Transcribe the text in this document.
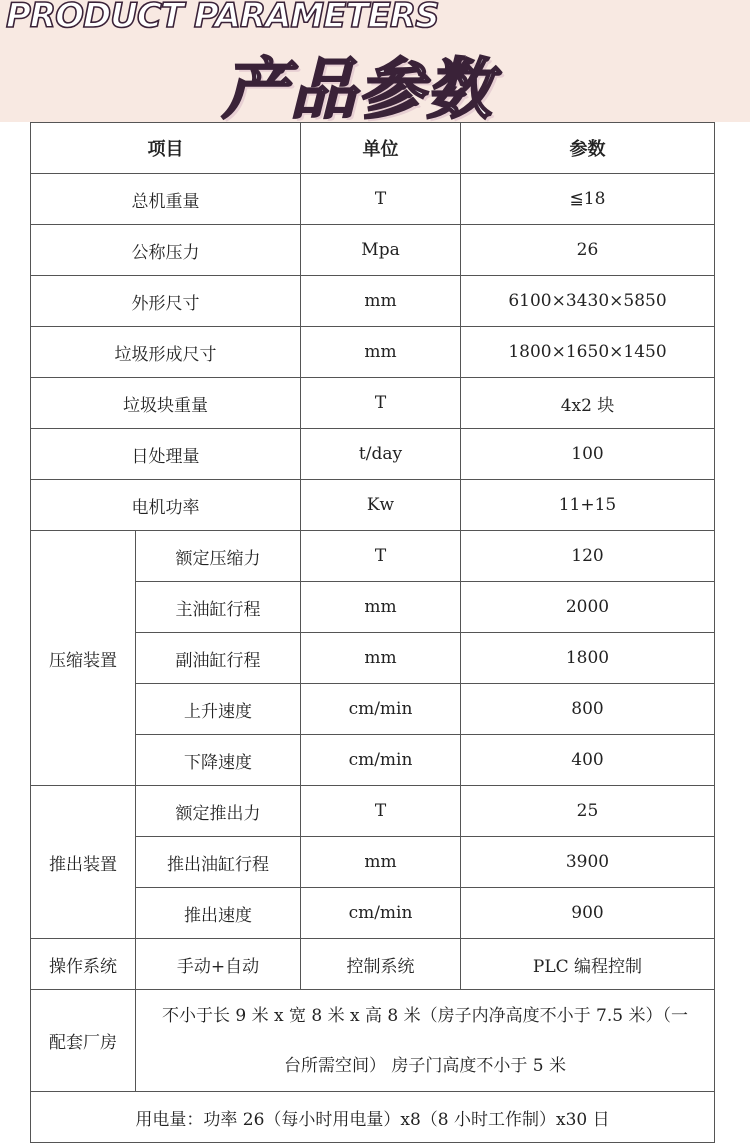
PRODUCT PARAMETERS
产品参数
项目		单位	参数
总机重量		T	≦18
公称压力		Mpa	26
外形尺寸		mm	6100×3430×5850
垃圾形成尺寸		mm	1800×1650×1450
垃圾块重量		T	4x2 块
日处理量		t/day	100
电机功率		Kw	11+15
压缩装置	额定压缩力	T	120
	主油缸行程	mm	2000
	副油缸行程	mm	1800
	上升速度	cm/min	800
	下降速度	cm/min	400
推出装置	额定推出力	T	25
	推出油缸行程	mm	3900
	推出速度	cm/min	900
操作系统	手动+自动	控制系统	PLC 编程控制
配套厂房	不小于长 9 米 x 宽 8 米 x 高 8 米（房子内净高度不小于 7.5 米）（一
台所需空间） 房子门高度不小于 5 米		

用电量：功率 26（每小时用电量）x8（8 小时工作制）x30 日			
